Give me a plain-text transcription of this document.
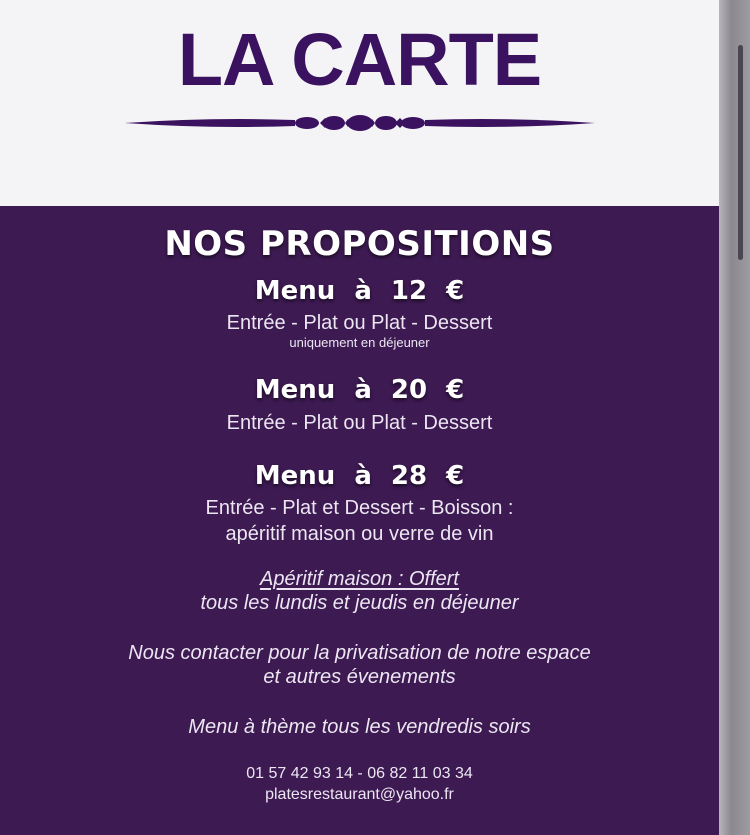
LA CARTE
NOS PROPOSITIONS
Menu à 12 €
Entrée - Plat ou Plat - Dessert
uniquement en déjeuner
Menu à 20 €
Entrée - Plat ou Plat - Dessert
Menu à 28 €
Entrée - Plat et Dessert - Boisson :
apéritif maison ou verre de vin
Apéritif maison : Offert
tous les lundis et jeudis en déjeuner
Nous contacter pour la privatisation de notre espace
et autres évenements
Menu à thème tous les vendredis soirs
01 57 42 93 14 - 06 82 11 03 34
platesrestaurant@yahoo.fr
